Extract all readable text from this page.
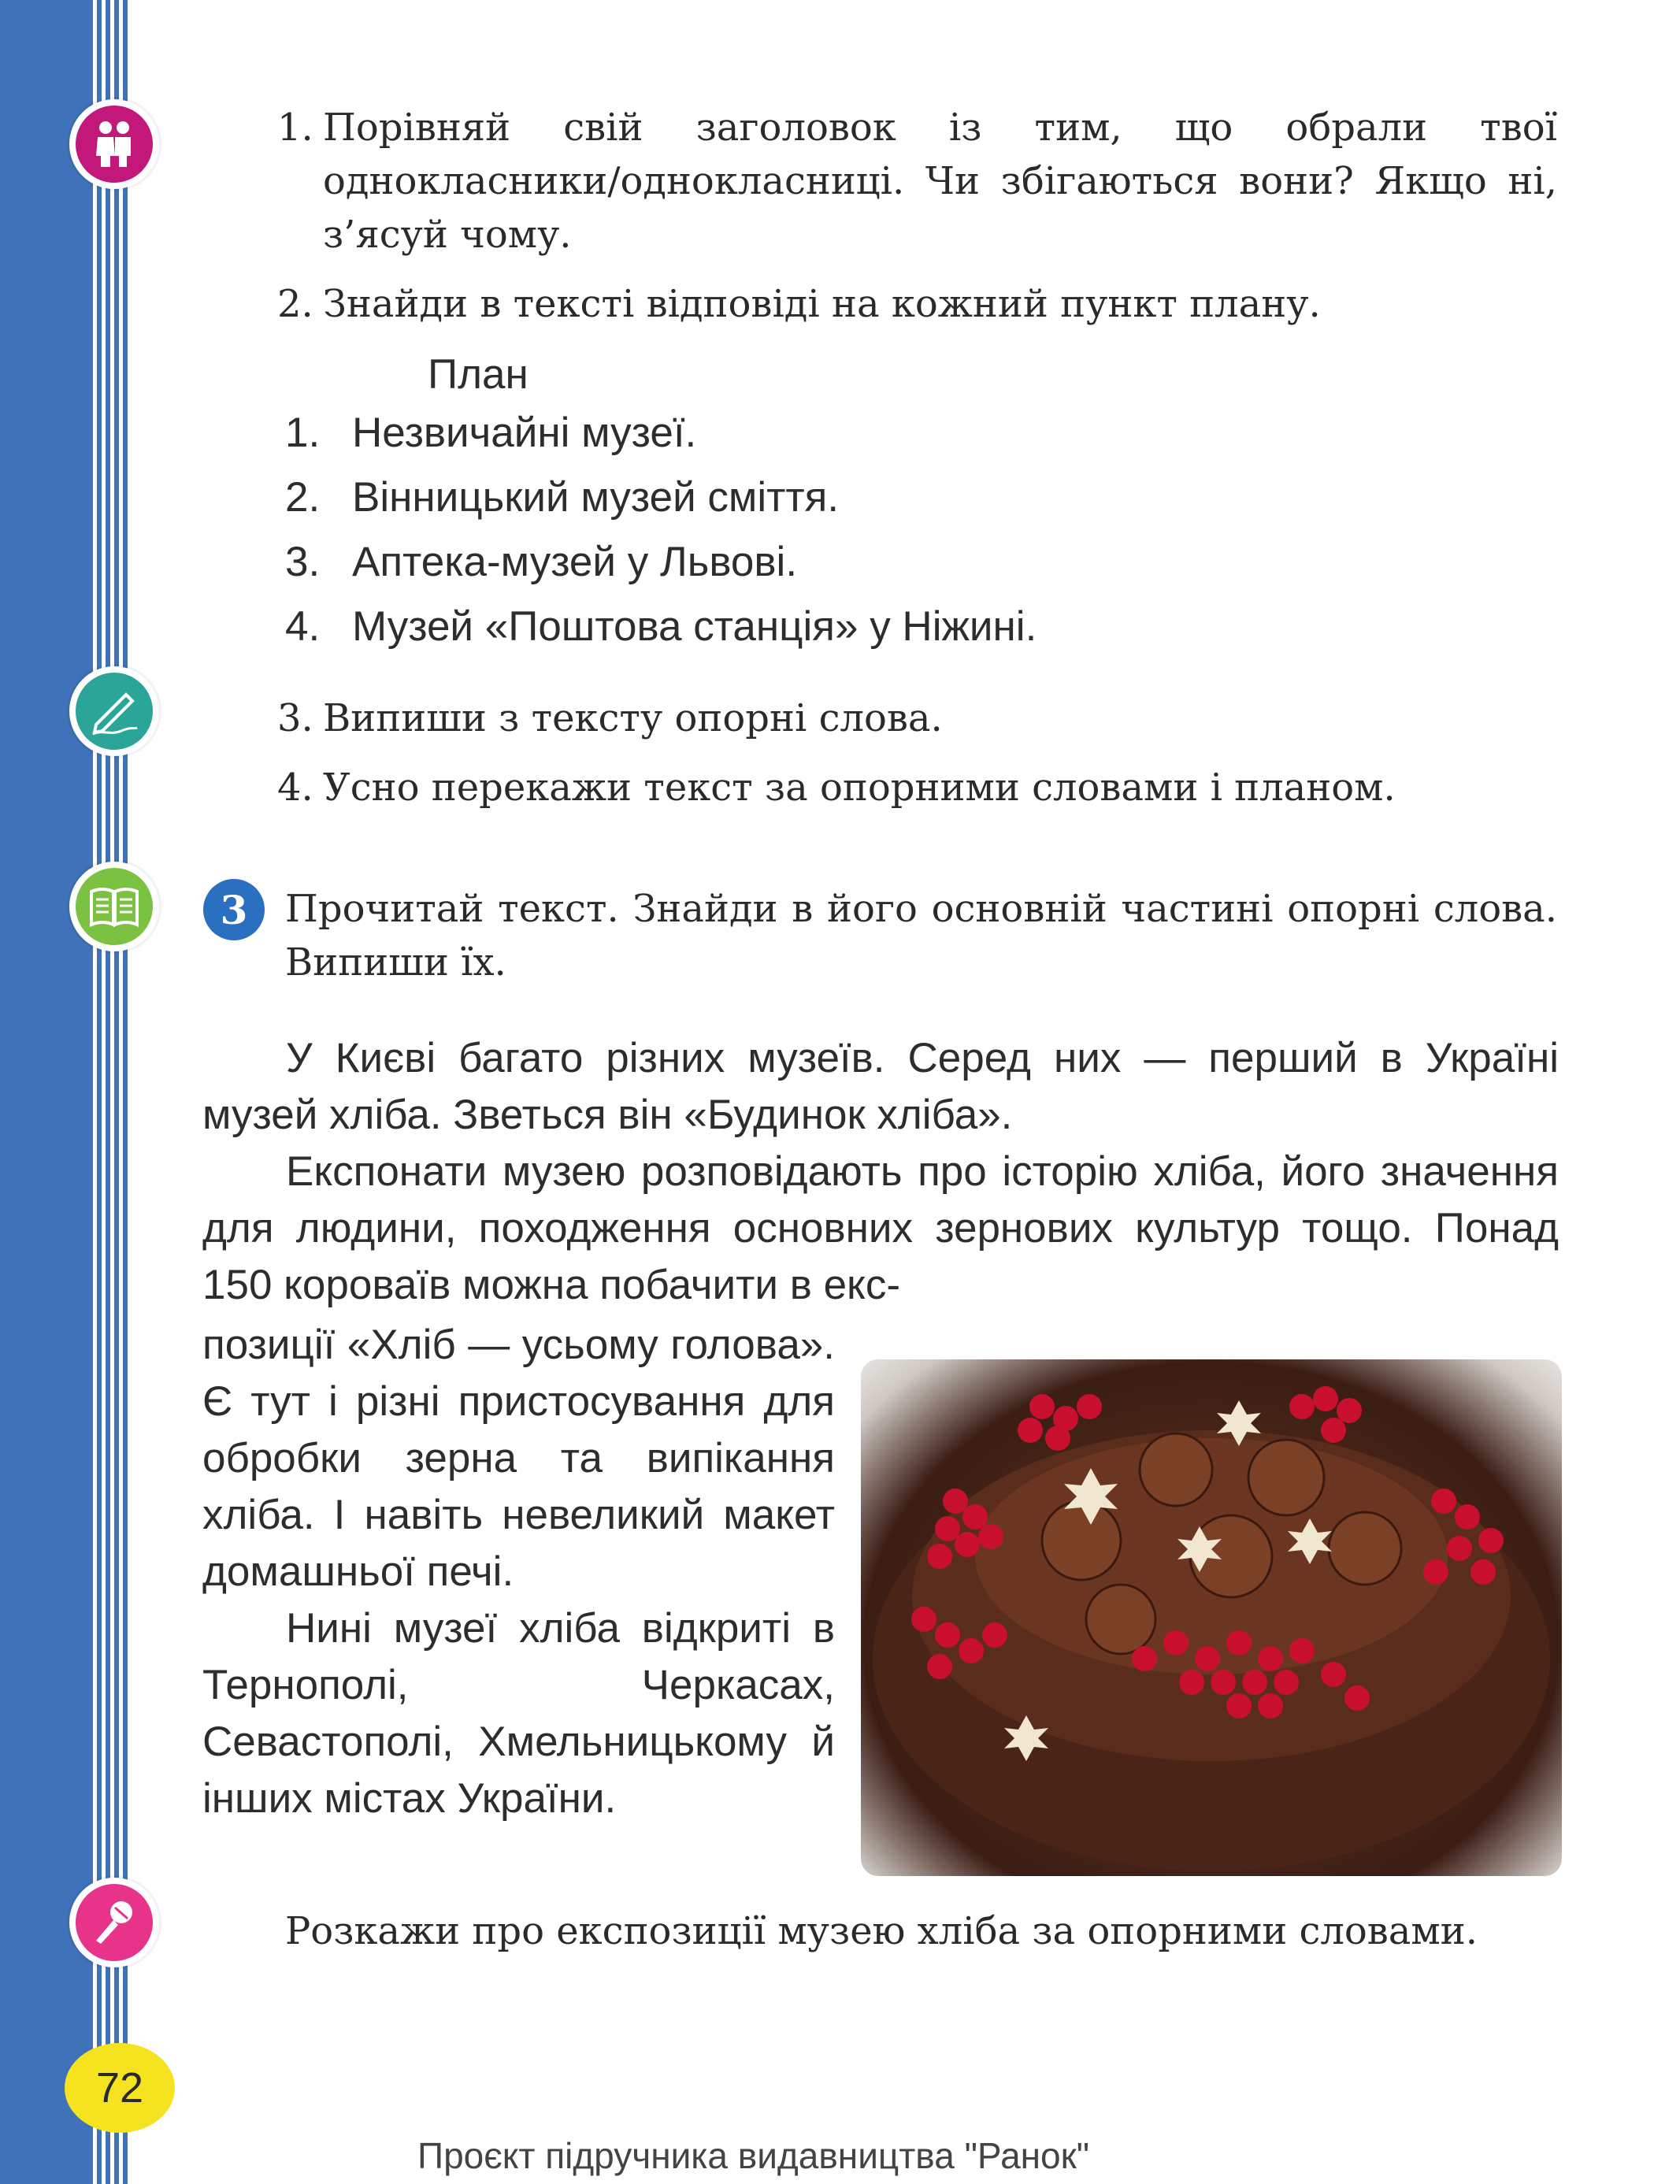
1. Порівняй свій заголовок із тим, що обрали твої однокласники/однокласниці. Чи збігаються вони? Якщо ні, з’ясуй чому.
2. Знайди в тексті відповіді на кожний пункт плану.
План
1. Незвичайні музеї.
2. Вінницький музей сміття.
3. Аптека-музей у Львові.
4. Музей «Поштова станція» у Ніжині.
3. Випиши з тексту опорні слова.
4. Усно перекажи текст за опорними словами і планом.
3 Прочитай текст. Знайди в його основній частині опорні слова. Випиши їх.

У Києві багато різних музеїв. Серед них — перший в Україні музей хліба. Зветься він «Будинок хліба».

Експонати музею розповідають про історію хліба, його значення для людини, походження основних зернових культур тощо. Понад 150 короваїв можна побачити в екс-

позиції «Хліб — усьому голова». Є тут і різні пристосування для обробки зерна та випікання хліба. І навіть невеликий макет домашньої печі.

Нині музеї хліба відкриті в Тернополі, Черкасах, Севастополі, Хмельницькому й інших містах України.

Розкажи про експозиції музею хліба за опорними словами.
72
Проєкт підручника видавництва "Ранок"
